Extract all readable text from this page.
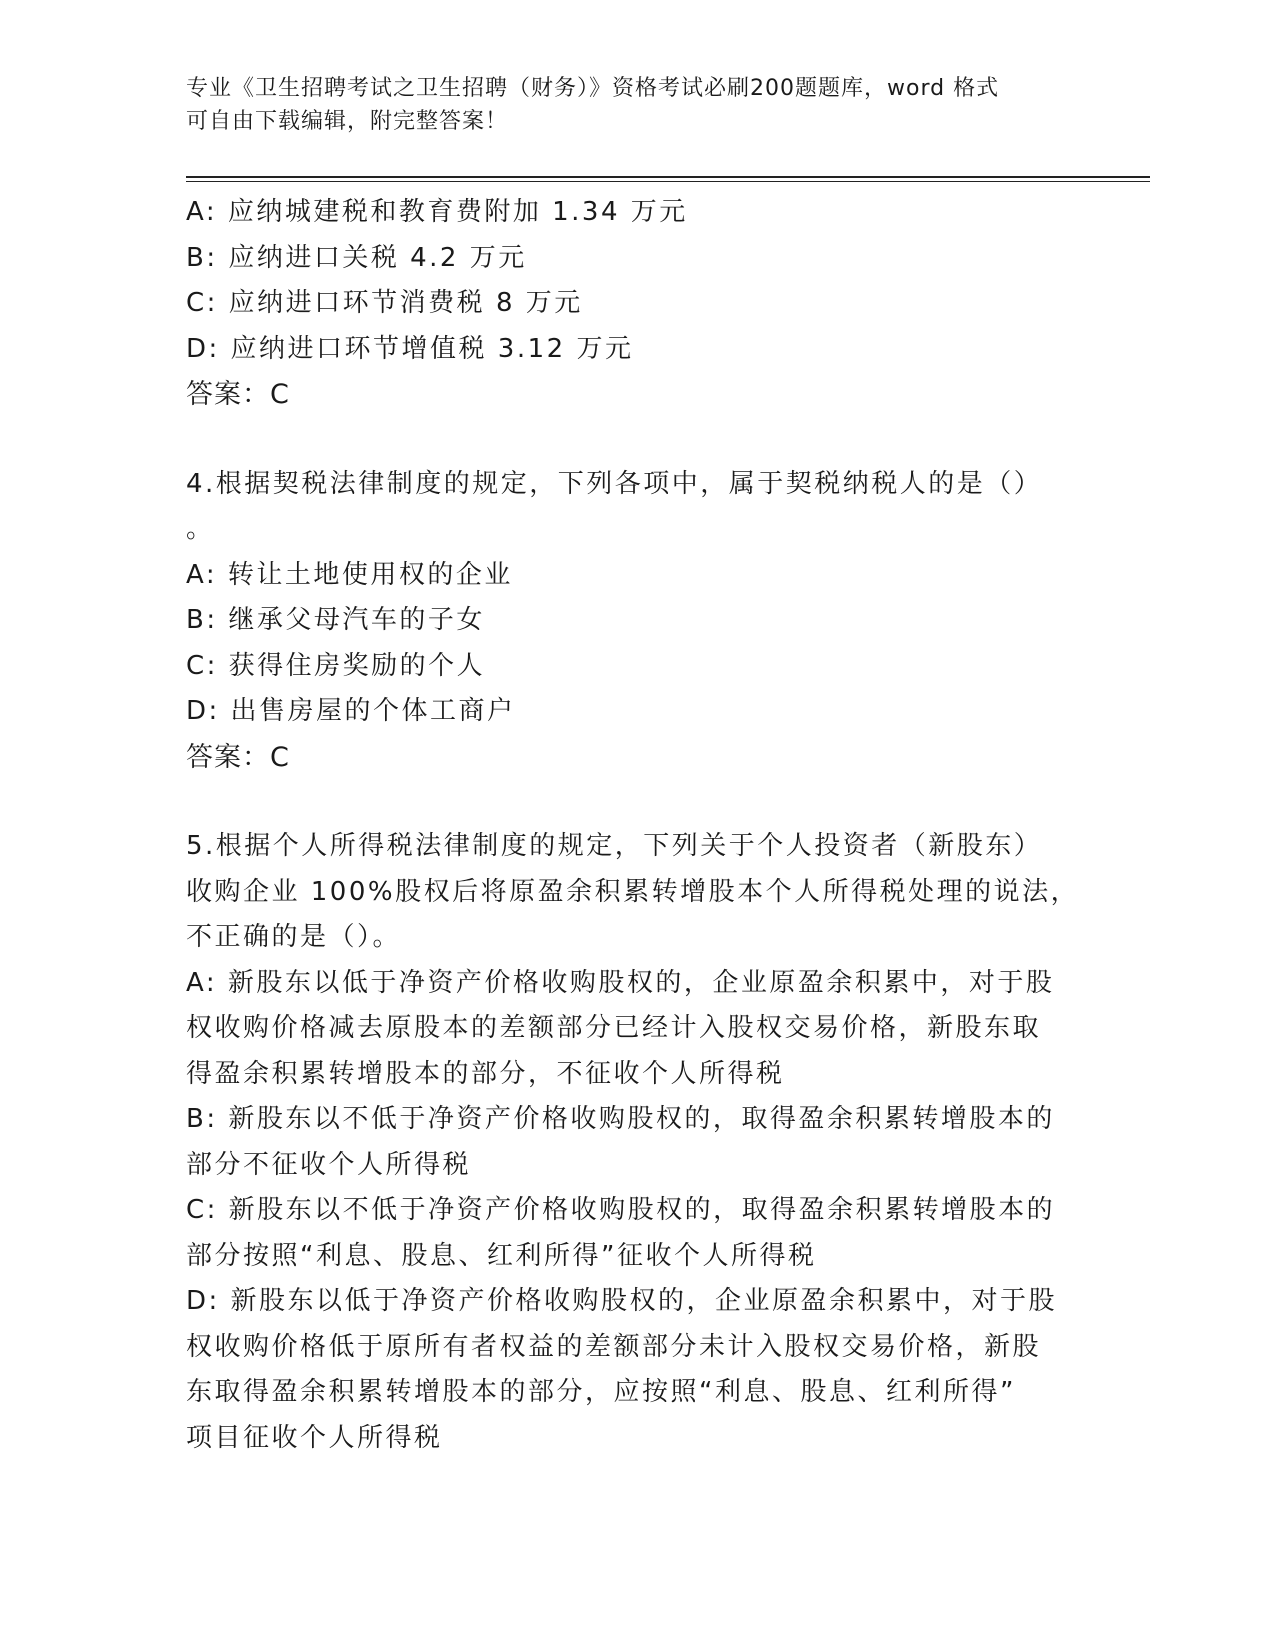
专业《卫生招聘考试之卫生招聘（财务）》资格考试必刷200题题库，word 格式
可自由下载编辑，附完整答案！
A: 应纳城建税和教育费附加 1.34 万元
B: 应纳进口关税 4.2 万元
C: 应纳进口环节消费税 8 万元
D: 应纳进口环节增值税 3.12 万元
答案：C
4.根据契税法律制度的规定，下列各项中，属于契税纳税人的是（）
。
A: 转让土地使用权的企业
B: 继承父母汽车的子女
C: 获得住房奖励的个人
D: 出售房屋的个体工商户
答案：C
5.根据个人所得税法律制度的规定，下列关于个人投资者（新股东）
收购企业 100%股权后将原盈余积累转增股本个人所得税处理的说法，
不正确的是（）。
A: 新股东以低于净资产价格收购股权的，企业原盈余积累中，对于股
权收购价格减去原股本的差额部分已经计入股权交易价格，新股东取
得盈余积累转增股本的部分，不征收个人所得税
B: 新股东以不低于净资产价格收购股权的，取得盈余积累转增股本的
部分不征收个人所得税
C: 新股东以不低于净资产价格收购股权的，取得盈余积累转增股本的
部分按照“利息、股息、红利所得”征收个人所得税
D: 新股东以低于净资产价格收购股权的，企业原盈余积累中，对于股
权收购价格低于原所有者权益的差额部分未计入股权交易价格，新股
东取得盈余积累转增股本的部分，应按照“利息、股息、红利所得”
项目征收个人所得税
